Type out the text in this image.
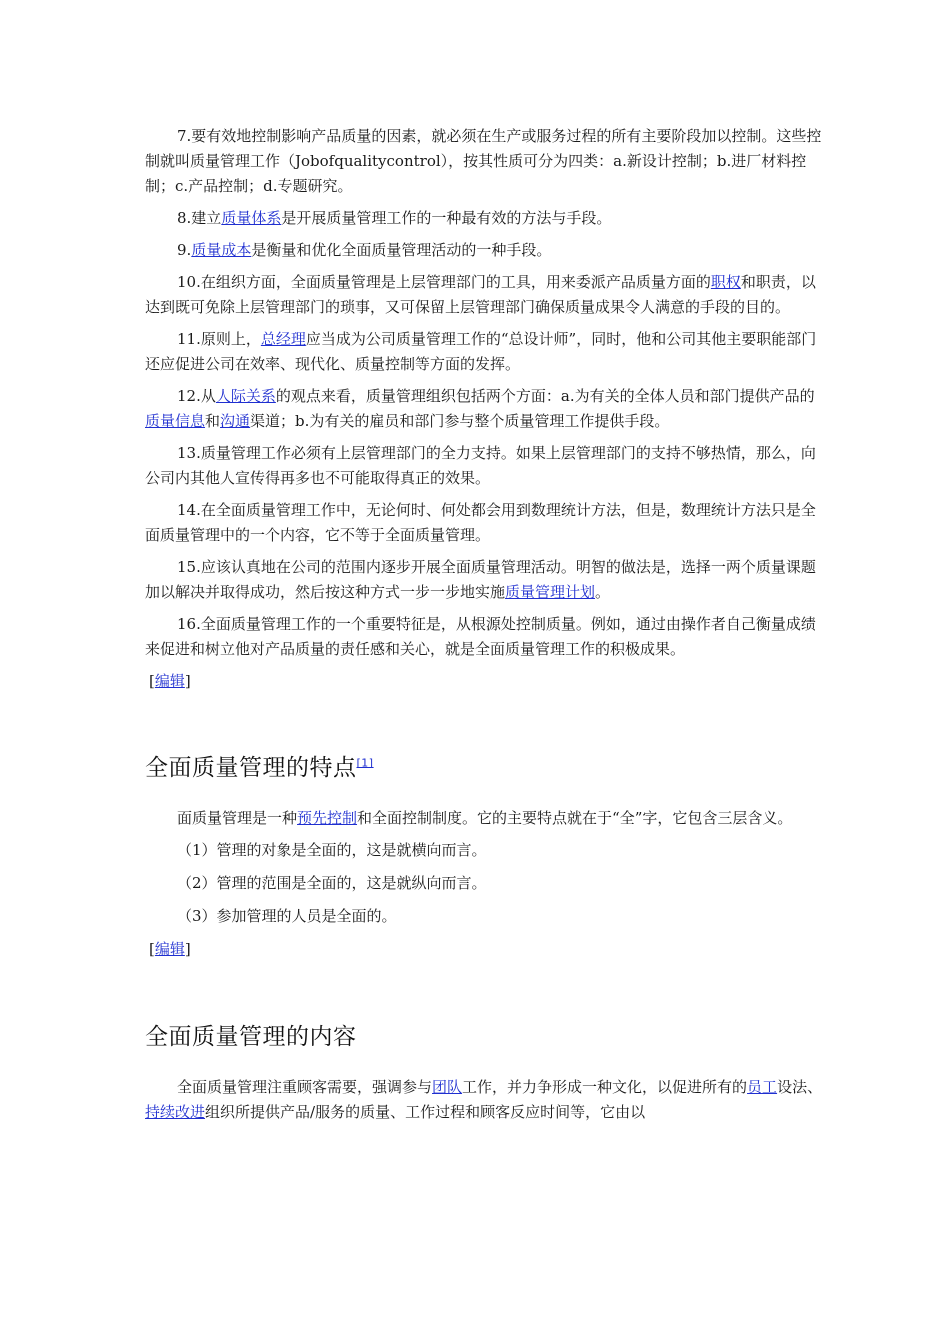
7.要有效地控制影响产品质量的因素，就必须在生产或服务过程的所有主要阶段加以控制。这些控制就叫质量管理工作（Jobofqualitycontrol），按其性质可分为四类：a.新设计控制；b.进厂材料控制；c.产品控制；d.专题研究。

8.建立质量体系是开展质量管理工作的一种最有效的方法与手段。

9.质量成本是衡量和优化全面质量管理活动的一种手段。

10.在组织方面，全面质量管理是上层管理部门的工具，用来委派产品质量方面的职权和职责，以达到既可免除上层管理部门的琐事，又可保留上层管理部门确保质量成果令人满意的手段的目的。

11.原则上，总经理应当成为公司质量管理工作的“总设计师”，同时，他和公司其他主要职能部门还应促进公司在效率、现代化、质量控制等方面的发挥。

12.从人际关系的观点来看，质量管理组织包括两个方面：a.为有关的全体人员和部门提供产品的质量信息和沟通渠道；b.为有关的雇员和部门参与整个质量管理工作提供手段。

13.质量管理工作必须有上层管理部门的全力支持。如果上层管理部门的支持不够热情，那么，向公司内其他人宣传得再多也不可能取得真正的效果。

14.在全面质量管理工作中，无论何时、何处都会用到数理统计方法，但是，数理统计方法只是全面质量管理中的一个内容，它不等于全面质量管理。

15.应该认真地在公司的范围内逐步开展全面质量管理活动。明智的做法是，选择一两个质量课题加以解决并取得成功，然后按这种方式一步一步地实施质量管理计划。

16.全面质量管理工作的一个重要特征是，从根源处控制质量。例如，通过由操作者自己衡量成绩来促进和树立他对产品质量的责任感和关心，就是全面质量管理工作的积极成果。

[编辑]
全面质量管理的特点[1]

面质量管理是一种预先控制和全面控制制度。它的主要特点就在于“全”字，它包含三层含义。

（1）管理的对象是全面的，这是就横向而言。

（2）管理的范围是全面的，这是就纵向而言。

（3）参加管理的人员是全面的。

[编辑]
全面质量管理的内容

全面质量管理注重顾客需要，强调参与团队工作，并力争形成一种文化，以促进所有的员工设法、持续改进组织所提供产品/服务的质量、工作过程和顾客反应时间等，它由以
